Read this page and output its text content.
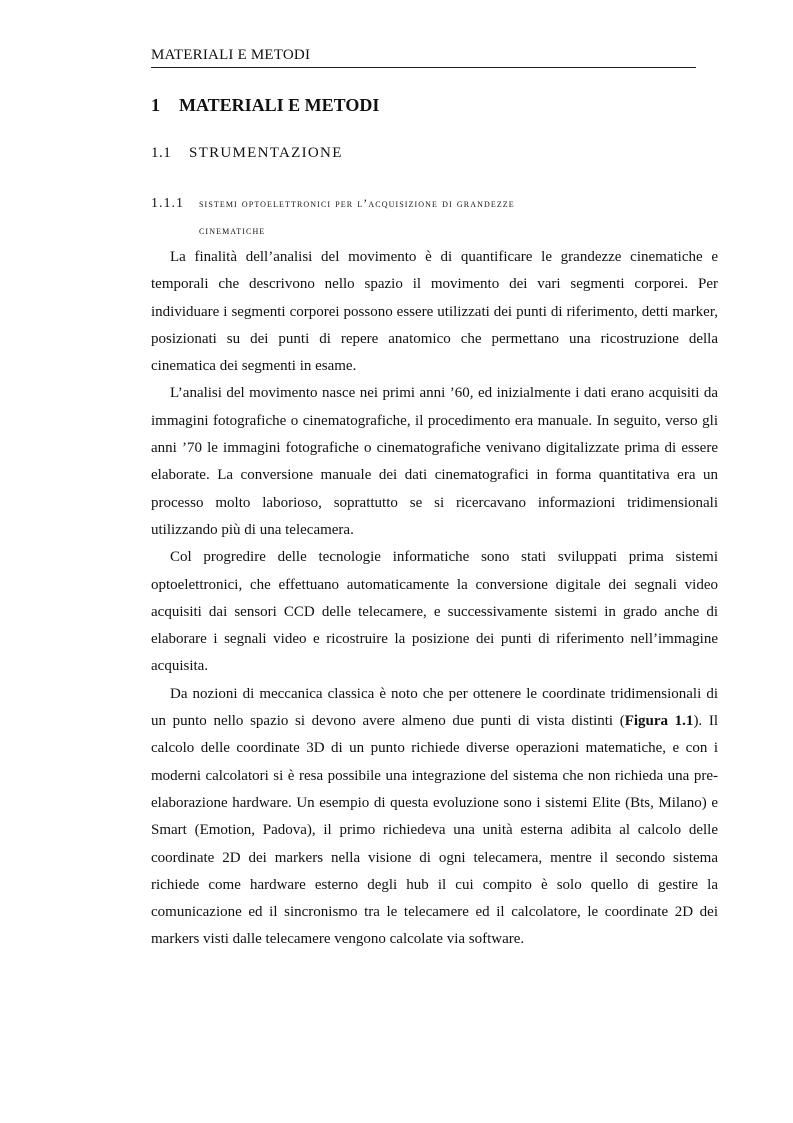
MATERIALI E METODI
1 MATERIALI E METODI
1.1 STRUMENTAZIONE
1.1.1 sistemi optoelettronici per l’acquisizione di grandezze
cinematiche

La finalità dell’analisi del movimento è di quantificare le grandezze cinematiche e temporali che descrivono nello spazio il movimento dei vari segmenti corporei. Per individuare i segmenti corporei possono essere utilizzati dei punti di riferimento, detti marker, posizionati su dei punti di repere anatomico che permettano una ricostruzione della cinematica dei segmenti in esame.

L’analisi del movimento nasce nei primi anni ’60, ed inizialmente i dati erano acquisiti da immagini fotografiche o cinematografiche, il procedimento era manuale. In seguito, verso gli anni ’70 le immagini fotografiche o cinematografiche venivano digitalizzate prima di essere elaborate. La conversione manuale dei dati cinematografici in forma quantitativa era un processo molto laborioso, soprattutto se si ricercavano informazioni tridimensionali utilizzando più di una telecamera.

Col progredire delle tecnologie informatiche sono stati sviluppati prima sistemi optoelettronici, che effettuano automaticamente la conversione digitale dei segnali video acquisiti dai sensori CCD delle telecamere, e successivamente sistemi in grado anche di elaborare i segnali video e ricostruire la posizione dei punti di riferimento nell’immagine acquisita.

Da nozioni di meccanica classica è noto che per ottenere le coordinate tridimensionali di un punto nello spazio si devono avere almeno due punti di vista distinti (Figura 1.1). Il calcolo delle coordinate 3D di un punto richiede diverse operazioni matematiche, e con i moderni calcolatori si è resa possibile una integrazione del sistema che non richieda una pre-elaborazione hardware. Un esempio di questa evoluzione sono i sistemi Elite (Bts, Milano) e Smart (Emotion, Padova), il primo richiedeva una unità esterna adibita al calcolo delle coordinate 2D dei markers nella visione di ogni telecamera, mentre il secondo sistema richiede come hardware esterno degli hub il cui compito è solo quello di gestire la comunicazione ed il sincronismo tra le telecamere ed il calcolatore, le coordinate 2D dei markers visti dalle telecamere vengono calcolate via software.
